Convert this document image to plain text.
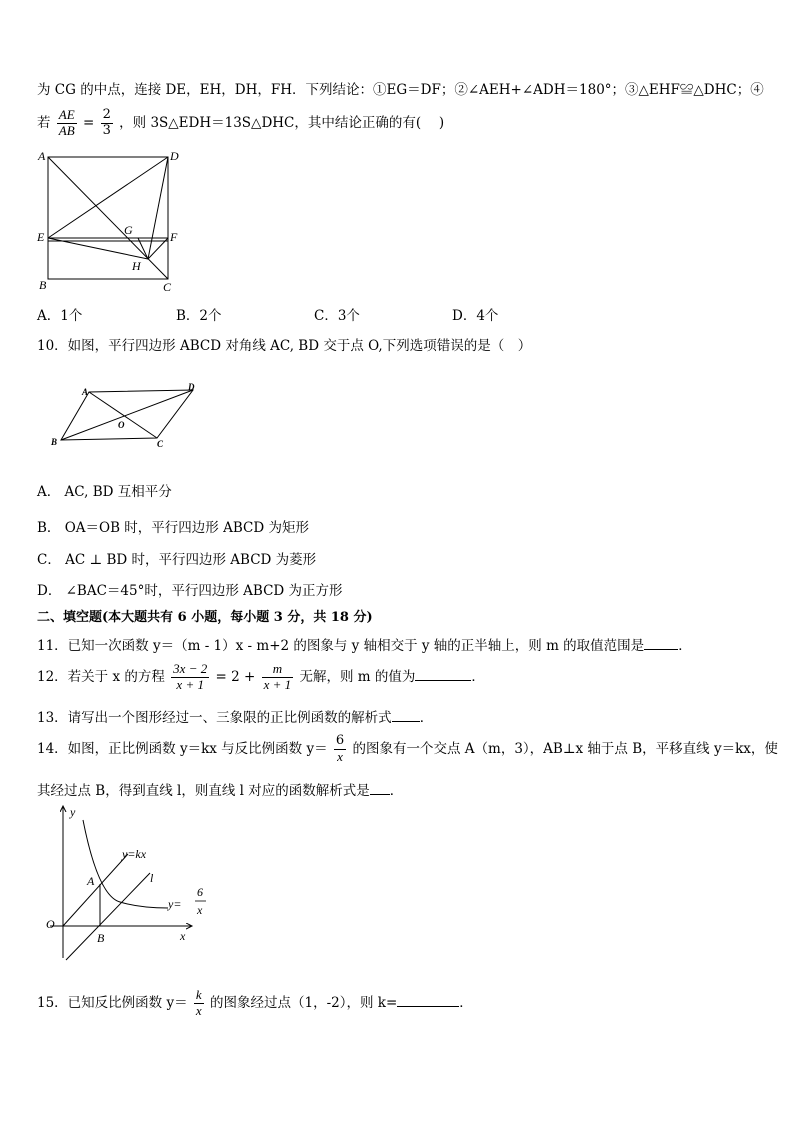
为 CG 的中点，连接 DE，EH，DH，FH．下列结论：①EG＝DF；②∠AEH+∠ADH＝180°；③△EHF≌△DHC；④
若 $\frac{AE}{AB} = \frac{2}{3}$ ，则 3S△EDH＝13S△DHC，其中结论正确的有(　 )
A	D
E	G	F
H
B	C
A．1个	B．2个	C．3个	D．4个
10．如图，平行四边形 ABCD 对角线 AC, BD 交于点 O,下列选项错误的是（　）
A	D
O
B	C
A． AC, BD 互相平分
B． OA＝OB 时，平行四边形 ABCD 为矩形
C． AC ⊥ BD 时，平行四边形 ABCD 为菱形
D． ∠BAC＝45°时，平行四边形 ABCD 为正方形
二、填空题(本大题共有 6 小题，每小题 3 分，共 18 分)
11．已知一次函数 y＝（m - 1）x - m+2 的图象与 y 轴相交于 y 轴的正半轴上，则 m 的取值范围是	．
12．若关于 x 的方程 $\frac{3x - 2}{x + 1} = 2 + \frac{m}{x + 1}$ 无解，则 m 的值为	．
13．请写出一个图形经过一、三象限的正比例函数的解析式 ．
14．如图，正比例函数 y＝kx 与反比例函数 $y= \frac{6}{x}$ 的图象有一个交点 A（m，3），AB⊥x 轴于点 B，平移直线 y＝kx，使
其经过点 B，得到直线 l，则直线 l 对应的函数解析式是 ．
y
y=kx
A	l
y=
6
x
O
B	x
15．已知反比例函数 $y= \frac{k}{x}$ 的图象经过点（1，-2），则 k=	．
